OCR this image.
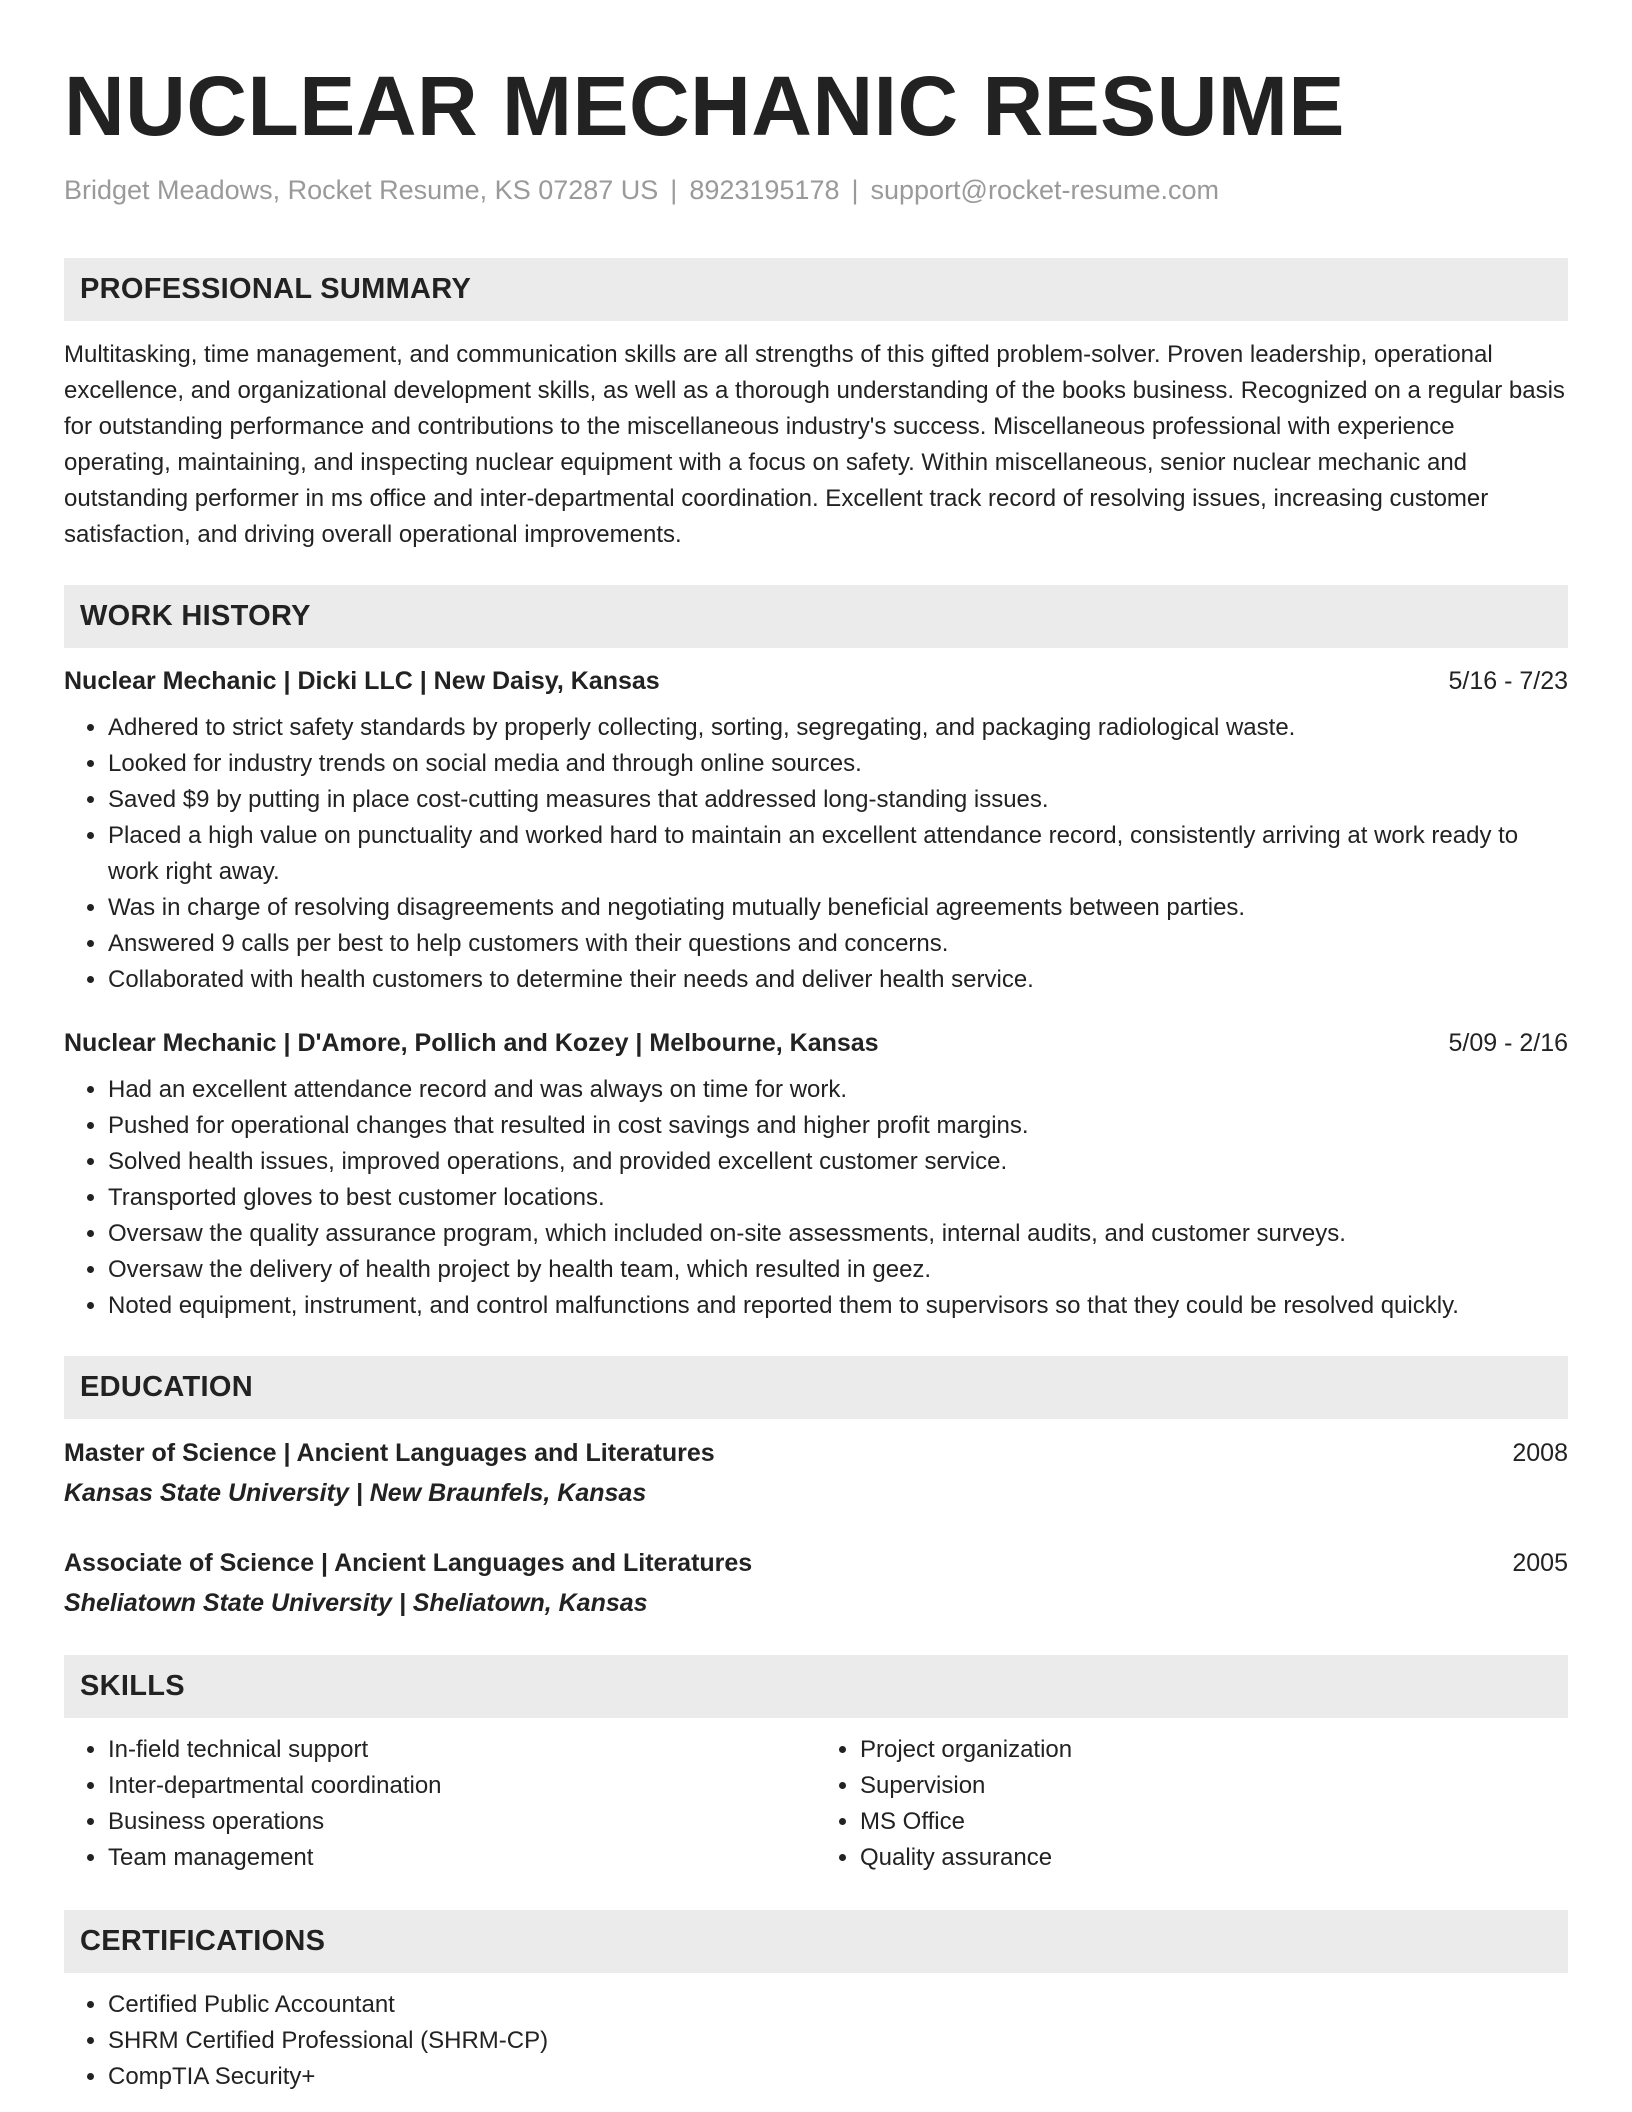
NUCLEAR MECHANIC RESUME
Bridget Meadows, Rocket Resume, KS 07287 US | 8923195178 | support@rocket-resume.com
PROFESSIONAL SUMMARY

Multitasking, time management, and communication skills are all strengths of this gifted problem-solver. Proven leadership, operational excellence, and organizational development skills, as well as a thorough understanding of the books business. Recognized on a regular basis for outstanding performance and contributions to the miscellaneous industry's success. Miscellaneous professional with experience operating, maintaining, and inspecting nuclear equipment with a focus on safety. Within miscellaneous, senior nuclear mechanic and outstanding performer in ms office and inter-departmental coordination. Excellent track record of resolving issues, increasing customer satisfaction, and driving overall operational improvements.

WORK HISTORY
Nuclear Mechanic | Dicki LLC | New Daisy, Kansas	5/16 - 7/23
• Adhered to strict safety standards by properly collecting, sorting, segregating, and packaging radiological waste.
• Looked for industry trends on social media and through online sources.
• Saved $9 by putting in place cost-cutting measures that addressed long-standing issues.
• Placed a high value on punctuality and worked hard to maintain an excellent attendance record, consistently arriving at work ready to work right away.
• Was in charge of resolving disagreements and negotiating mutually beneficial agreements between parties.
• Answered 9 calls per best to help customers with their questions and concerns.
• Collaborated with health customers to determine their needs and deliver health service.
Nuclear Mechanic | D'Amore, Pollich and Kozey | Melbourne, Kansas	5/09 - 2/16
• Had an excellent attendance record and was always on time for work.
• Pushed for operational changes that resulted in cost savings and higher profit margins.
• Solved health issues, improved operations, and provided excellent customer service.
• Transported gloves to best customer locations.
• Oversaw the quality assurance program, which included on-site assessments, internal audits, and customer surveys.
• Oversaw the delivery of health project by health team, which resulted in geez.
• Noted equipment, instrument, and control malfunctions and reported them to supervisors so that they could be resolved quickly.
EDUCATION
Master of Science | Ancient Languages and Literatures	2008
Kansas State University | New Braunfels, Kansas
Associate of Science | Ancient Languages and Literatures	2005
Sheliatown State University | Sheliatown, Kansas
SKILLS
• In-field technical support
• Inter-departmental coordination
• Business operations
• Team management
• Project organization
• Supervision
• MS Office
• Quality assurance
CERTIFICATIONS
• Certified Public Accountant
• SHRM Certified Professional (SHRM-CP)
• CompTIA Security+
